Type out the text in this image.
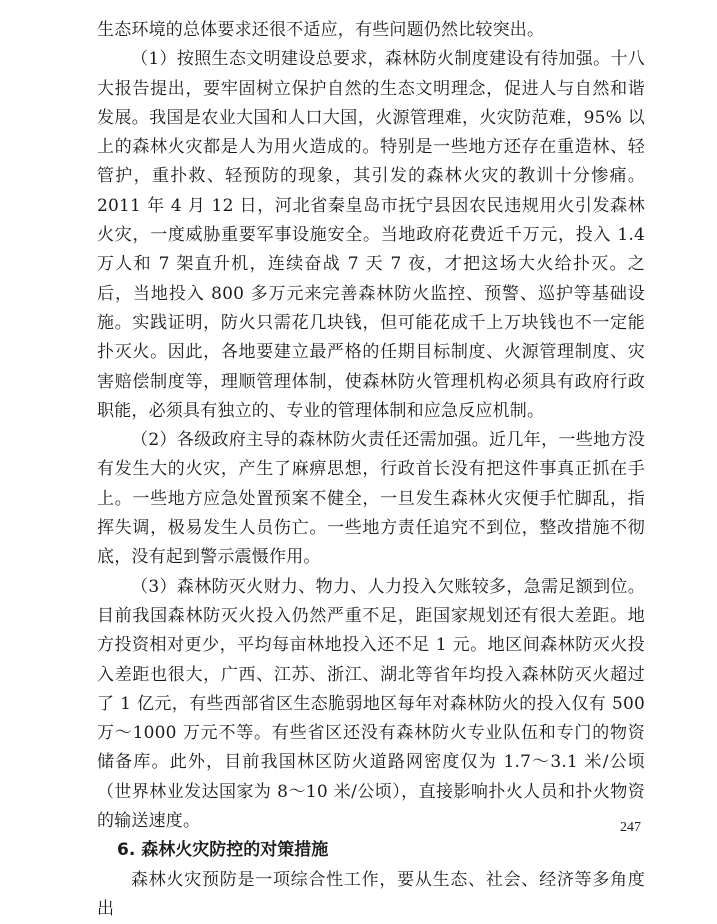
生态环境的总体要求还很不适应，有些问题仍然比较突出。

（1）按照生态文明建设总要求，森林防火制度建设有待加强。十八大报告提出，要牢固树立保护自然的生态文明理念，促进人与自然和谐发展。我国是农业大国和人口大国，火源管理难，火灾防范难，95% 以上的森林火灾都是人为用火造成的。特别是一些地方还存在重造林、轻管护，重扑救、轻预防的现象，其引发的森林火灾的教训十分惨痛。2011 年 4 月 12 日，河北省秦皇岛市抚宁县因农民违规用火引发森林火灾，一度威胁重要军事设施安全。当地政府花费近千万元，投入 1.4 万人和 7 架直升机，连续奋战 7 天 7 夜，才把这场大火给扑灭。之后，当地投入 800 多万元来完善森林防火监控、预警、巡护等基础设施。实践证明，防火只需花几块钱，但可能花成千上万块钱也不一定能扑灭火。因此，各地要建立最严格的任期目标制度、火源管理制度、灾害赔偿制度等，理顺管理体制，使森林防火管理机构必须具有政府行政职能，必须具有独立的、专业的管理体制和应急反应机制。

（2）各级政府主导的森林防火责任还需加强。近几年，一些地方没有发生大的火灾，产生了麻痹思想，行政首长没有把这件事真正抓在手上。一些地方应急处置预案不健全，一旦发生森林火灾便手忙脚乱，指挥失调，极易发生人员伤亡。一些地方责任追究不到位，整改措施不彻底，没有起到警示震慑作用。

（3）森林防灭火财力、物力、人力投入欠账较多，急需足额到位。目前我国森林防灭火投入仍然严重不足，距国家规划还有很大差距。地方投资相对更少，平均每亩林地投入还不足 1 元。地区间森林防灭火投入差距也很大，广西、江苏、浙江、湖北等省年均投入森林防灭火超过了 1 亿元，有些西部省区生态脆弱地区每年对森林防火的投入仅有 500 万～1000 万元不等。有些省区还没有森林防火专业队伍和专门的物资储备库。此外，目前我国林区防火道路网密度仅为 1.7～3.1 米/公顷（世界林业发达国家为 8～10 米/公顷），直接影响扑火人员和扑火物资的输送速度。

6. 森林火灾防控的对策措施

森林火灾预防是一项综合性工作，要从生态、社会、经济等多角度出

247
